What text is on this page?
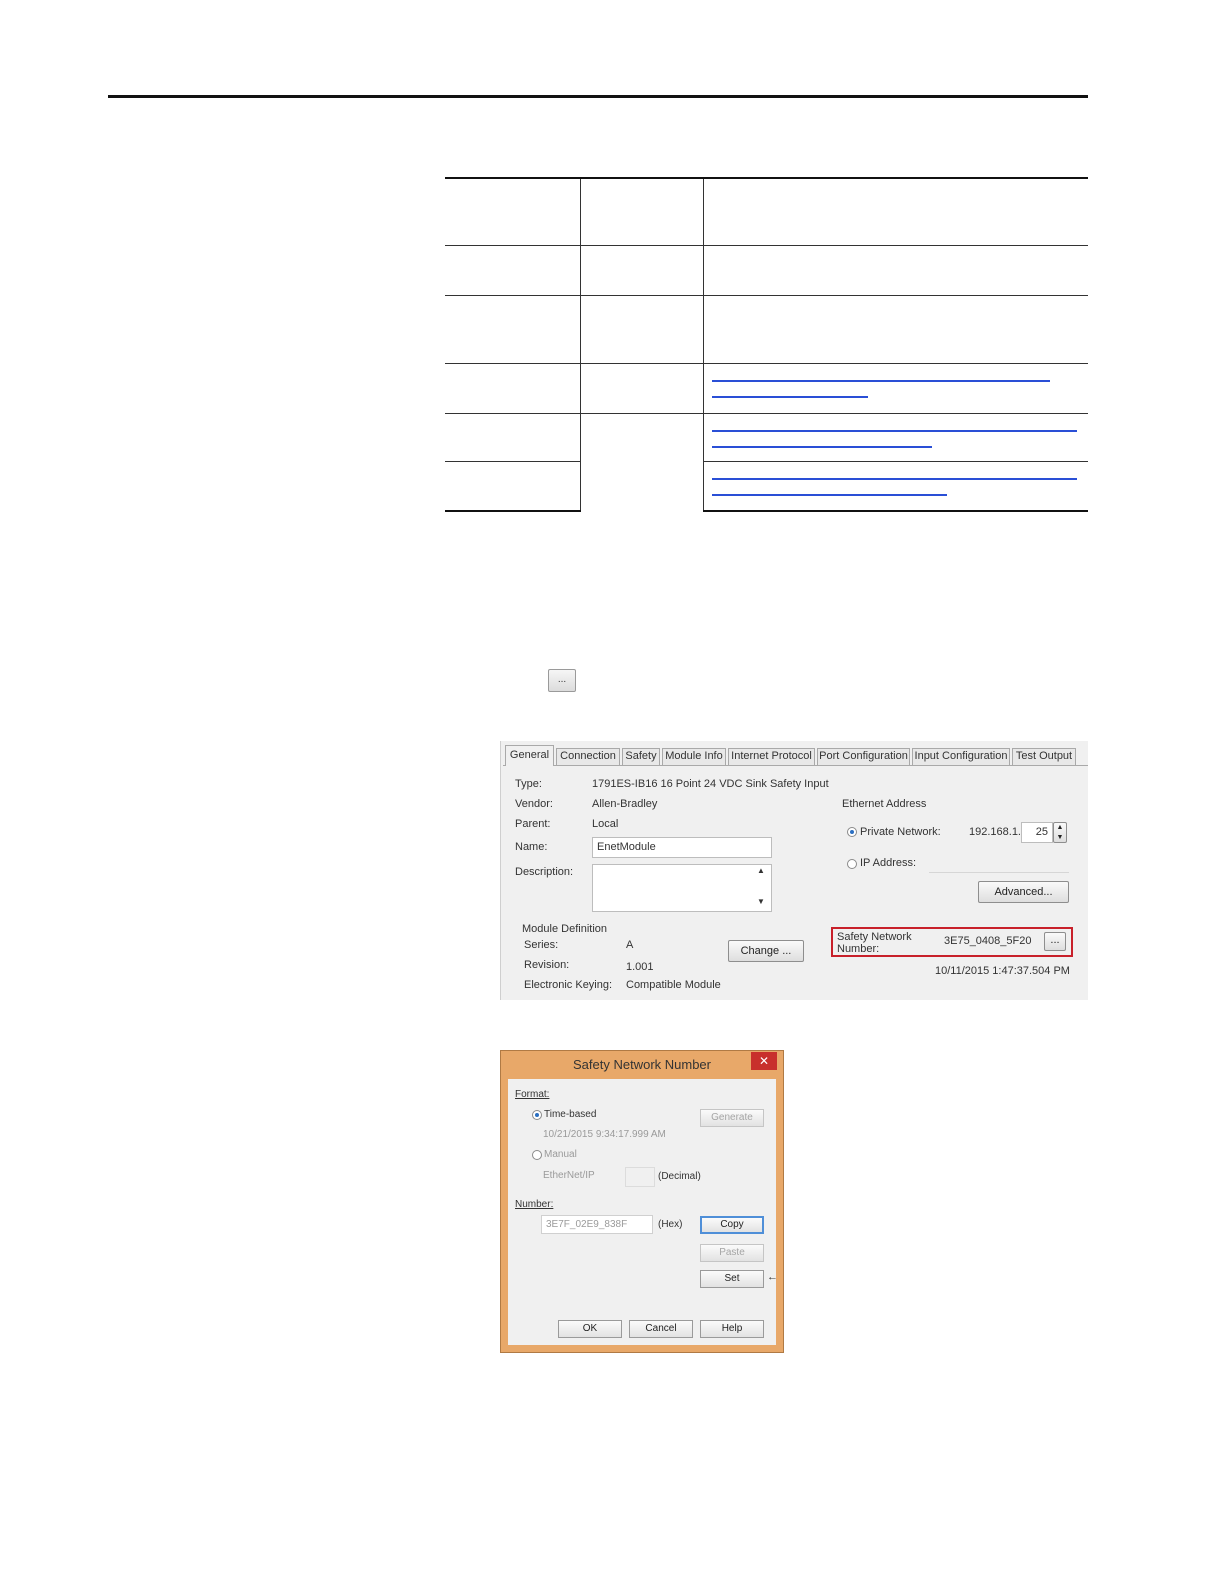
...
General	Connection Safety Module Info Internet Protocol Port Configuration Input Configuration Test Output
Type:	1791ES-IB16 16 Point 24 VDC Sink Safety Input
Vendor:	Allen-Bradley
Parent:	Local
Name:	EnetModule
Description:	▲
▼
Module Definition
Series:	A
Revision:	1.001
Electronic Keying: Compatible Module
Change ...
Ethernet Address
Private Network:	192.168.1.	25	▲
▼
IP Address:
Advanced...
Safety Network
Number:
3E75_0408_5F20	...
10/11/2015 1:47:37.504 PM
Safety Network Number	✕
Format:
Time-based
10/21/2015 9:34:17.999 AM
Generate
Manual
EtherNet/IP	(Decimal)
Number:
3E7F_02E9_838F	(Hex)	Copy
Paste
Set	←
OK	Cancel	Help
